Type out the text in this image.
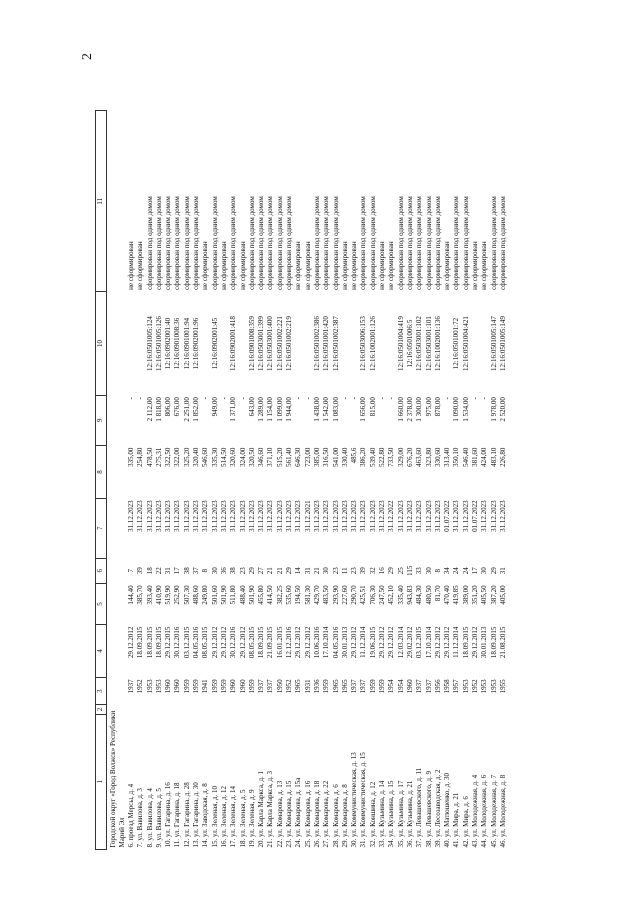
2
1	2	3	4	5	6	7	8	9	10	11
Городской округ «Город Волжск» Республики Марий Эл										
6. проезд Мерсы, д. 4		1937	29.12.2012	144,40	7	31.12.2023	335,00	-		не сформирован
7. ул. Вавилова, д. 3		1952	18.09.2015	385,70	39	31.12.2023	254,80	-		не сформирован
8. ул. Вавилова, д. 4		1953	18.09.2015	393,40	18	31.12.2023	478,50	2 112,00	12:16:0501005:124	сформирован под одним домом
9. ул. Вавилова, д. 5		1953	18.09.2015	410,90	22	31.12.2023	275,31	1 818,00	12:16:0501005:126	сформирован под одним домом
10. ул. Гагарина, д. 16		1960	29.12.2015	519,90	31	31.12.2023	322,50	806,00	12:16:0902001:40	сформирован под одним домом
11. ул. Гагарина, д. 18		1960	30.12.2016	252,90	17	31.12.2023	322,00	676,00	12:16:0901008:36	сформирован под одним домом
12. ул. Гагарина, д. 28		1959	03.12.2015	507,30	38	31.12.2023	325,20	2 251,00	12:16:0901001:94	сформирован под одним домом
13. ул. Гагарина, д. 30		1959	04.05.2016	488,60	37	31.12.2023	320,40	1 852,00	12:16:0902001:96	сформирован под одним домом
14. ул. Заводская, д. 8		1941	08.05.2015	249,80	8	31.12.2023	546,60	-		не сформирован
15. ул. Зеленая, д. 10		1959	29.12.2012	501,60	30	31.12.2023	335,30	949,00	12:16:0902001:45	сформирован под одним домом
16. ул. Зеленая, д. 12		1959	29.12.2012	501,90	36	31.12.2023	514,50	-		не сформирован
17. ул. Зеленая, д. 14		1960	30.12.2016	511,80	38	31.12.2023	320,60	1 371,00	12:16:0902001:418	сформирован под одним домом
18. ул. Зеленая, д. 5		1960	29.12.2012	488,40	23	31.12.2023	324,00	-		не сформирован
19. ул. Зеленая, д. 9		1959	08.05.2015	501,90	29	31.12.2023	320,50	643,00	12:16:0901008:359	сформирован под одним домом
20. ул. Карла Маркса, д. 1		1937	18.09.2015	455,80	27	31.12.2023	346,60	1 289,00	12:16:0503001:399	сформирован под одним домом
21. ул. Карла Маркса, д. 3		1937	21.09.2015	414,50	21	31.12.2023	371,10	1 154,00	12:16:0503001:400	сформирован под одним домом
22. ул. Комарова, д. 13		1950	16.01.2015	382,25	21	31.12.2023	515,20	1 099,00	12:16:0501002:221	сформирован под одним домом
23. ул. Комарова, д. 15		1952	12.12.2016	535,60	29	31.12.2023	561,40	1 944,00	12:16:0501002:219	сформирован под одним домом
24. ул. Комарова, д. 15а		1965	29.12.2012	194,50	14	31.12.2023	646,30	-		не сформирован
25. ул. Комарова, д. 16		1931	29.12.2012	581,30	31	31.12.2021	723,00	-		не сформирован
26. ул. Комарова, д. 18		1936	10.06.2016	429,70	21	31.12.2023	385,00	1 438,00	12:16:0501002:386	сформирован под одним домом
27. ул. Комарова, д. 22		1959	17.10.2014	483,50	30	31.12.2023	316,50	1 542,00	12:16:0501001:420	сформирован под одним домом
28. ул. Комарова, д. 6		1965	04.05.2016	293,90	23	31.12.2023	541,00	1 083,00	12:16:0501002:387	сформирован под одним домом
29. ул. Комарова, д. 8		1965	30.01.2013	227,60	11	31.12.2023	330,40	-		не сформирован
30. ул. Коммунистическая, д. 13		1937	29.12.2012	290,70	23	31.12.2023	485,6	-		не сформирован
31. ул. Коммунистическая, д. 15		1937	11.12.2014	425,51	39	31.12.2023	386,20	1 656,00	12:16:0503006:153	сформирован под одним домом
32. ул. Коншина, д. 12		1959	19.06.2015	706,30	32	31.12.2023	539,40	815,00	12:16:1002001:126	сформирован под одним домом
33. ул. Кузьмина, д. 14		1959	29.12.2012	247,50	16	31.12.2023	522,80	-		не сформирован
34. ул. Кузьмина, д. 15		1954	29.12.2012	452,10	29	31.12.2022	733,50	-		не сформирован
35. ул. Кузьмина, д. 17		1954	12.03.2014	335,40	25	31.12.2023	329,00	1 660,00	12:16:0501004:419	сформирован под одним домом
36. ул. Кузьмина, д. 21		1960	29.02.2012	943,83	115	31.12.2023	676,20	2 378,00	12:16:0501006:5	сформирован под одним домом
37. ул. Левашевского, д. 11		1937	03.12.2015	484,30	33	31.12.2023	463,60	1 300,00	12:16:0503001:102	сформирован под одним домом
38. ул. Левашевского, д. 9		1937	17.10.2014	480,50	30	31.12.2023	323,80	975,00	12:16:0503001:101	сформирован под одним домом
39. ул. Лесозаводская, д. 2		1956	29.12.2012	81,70	8	31.12.2023	330,60	878,00	12:16:1002001:136	сформирован под одним домом
40. ул. Матюшенко, д. 30		1958	29.12.2012	470,40	34	01.07.2022	313,40	-		не сформирован
41. ул. Мира, д. 21		1957	11.12.2014	419,85	24	31.12.2023	350,10	1 090,00	12:16:0501001:72	сформирован под одним домом
42. ул. Мира, д. 6		1953	18.09.2015	389,00	24	31.12.2023	546,40	1 534,00	12:16:0501004:421	сформирован под одним домом
43. ул. Молодежная, д. 4		1952	29.12.2012	351,20	17	01.07.2022	381,60	-		не сформирован
44. ул. Молодежная, д. 6		1953	30.01.2013	405,50	30	31.12.2023	424,00	-		не сформирован
45. ул. Молодежная, д. 7		1953	18.09.2015	387,20	29	31.12.2023	483,10	1 978,00	12:16:0501005:147	сформирован под одним домом
46. ул. Молодежная, д. 8		1955	21.08.2015	405,00	31	31.12.2023	226,80	2 520,00	12:16:0501005:149	сформирован под одним домом
